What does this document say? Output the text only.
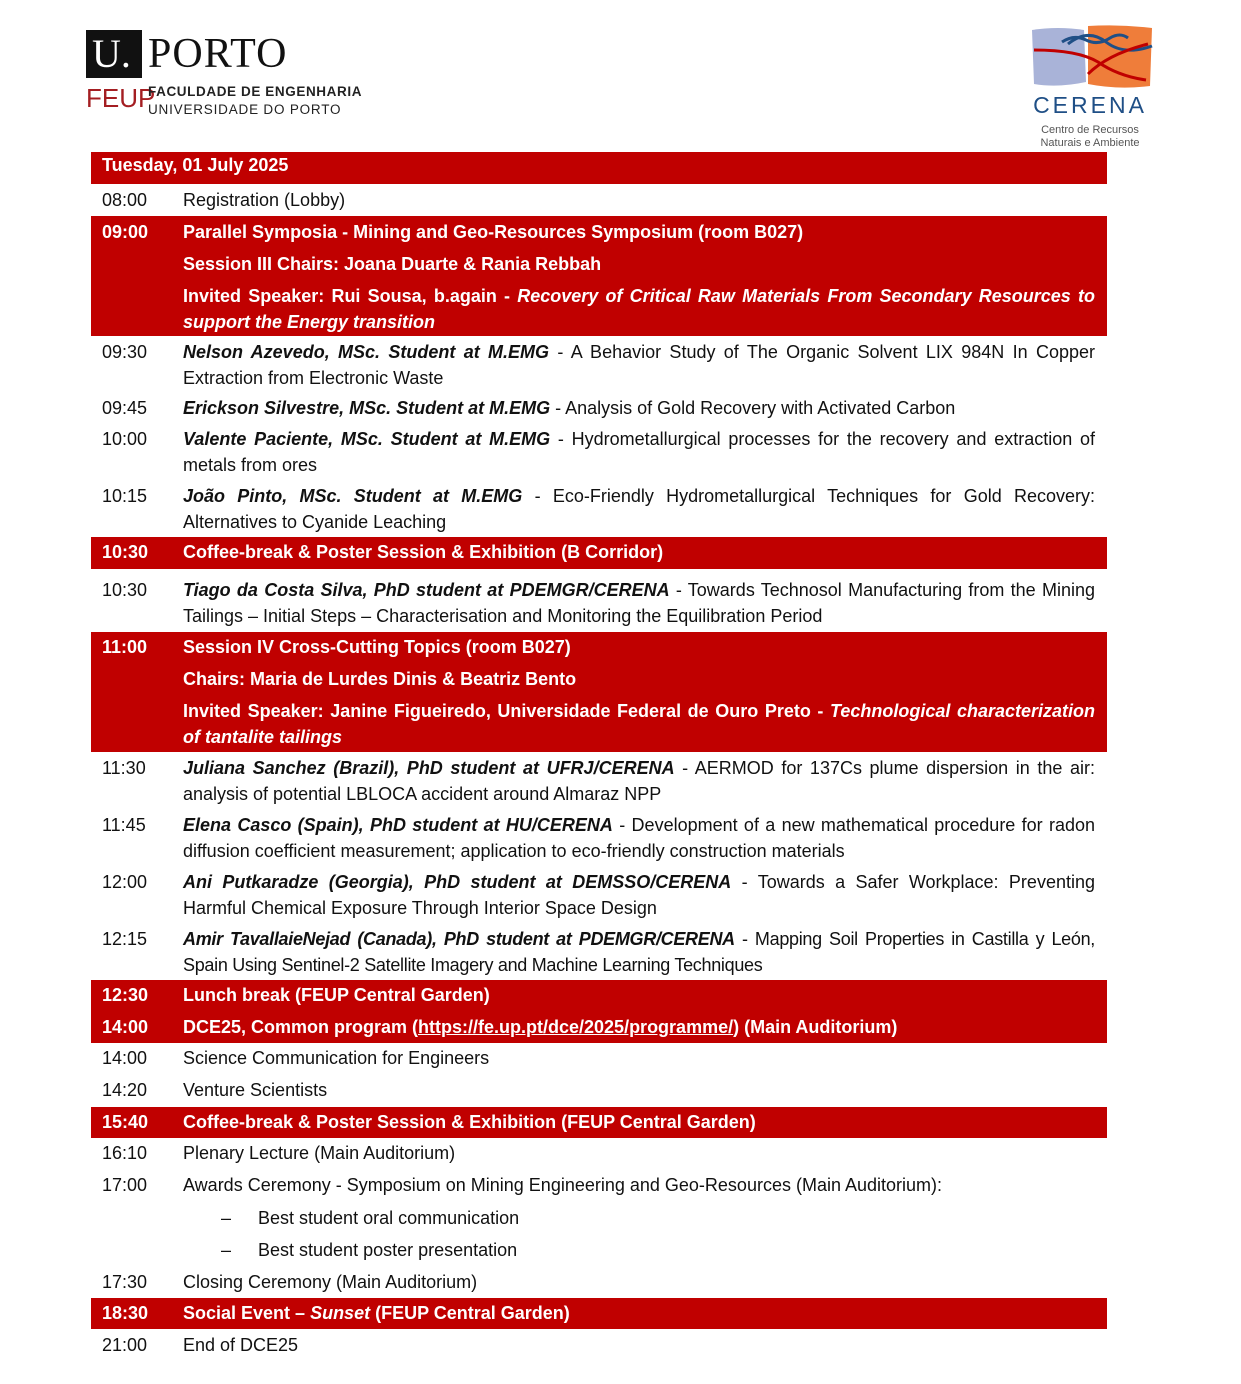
U. PORTO
FEUP
FACULDADE DE ENGENHARIA
UNIVERSIDADE DO PORTO	CERENA
Centro de Recursos
Naturais e Ambiente
Tuesday, 01 July 2025
08:00	Registration (Lobby)
09:00	Parallel Symposia - Mining and Geo-Resources Symposium (room B027)
Session III Chairs: Joana Duarte & Rania Rebbah
Invited Speaker: Rui Sousa, b.again - Recovery of Critical Raw Materials From Secondary Resources to support the Energy transition
09:30	Nelson Azevedo, MSc. Student at M.EMG - A Behavior Study of The Organic Solvent LIX 984N In Copper Extraction from Electronic Waste
09:45	Erickson Silvestre, MSc. Student at M.EMG - Analysis of Gold Recovery with Activated Carbon
10:00	Valente Paciente, MSc. Student at M.EMG - Hydrometallurgical processes for the recovery and extraction of metals from ores
10:15	João Pinto, MSc. Student at M.EMG - Eco-Friendly Hydrometallurgical Techniques for Gold Recovery: Alternatives to Cyanide Leaching
10:30	Coffee-break & Poster Session & Exhibition (B Corridor)
10:30	Tiago da Costa Silva, PhD student at PDEMGR/CERENA - Towards Technosol Manufacturing from the Mining Tailings – Initial Steps – Characterisation and Monitoring the Equilibration Period
11:00	Session IV Cross-Cutting Topics (room B027)
Chairs: Maria de Lurdes Dinis & Beatriz Bento
Invited Speaker: Janine Figueiredo, Universidade Federal de Ouro Preto - Technological characterization of tantalite tailings
11:30	Juliana Sanchez (Brazil), PhD student at UFRJ/CERENA - AERMOD for 137Cs plume dispersion in the air: analysis of potential LBLOCA accident around Almaraz NPP
11:45	Elena Casco (Spain), PhD student at HU/CERENA - Development of a new mathematical procedure for radon diffusion coefficient measurement; application to eco-friendly construction materials
12:00	Ani Putkaradze (Georgia), PhD student at DEMSSO/CERENA - Towards a Safer Workplace: Preventing Harmful Chemical Exposure Through Interior Space Design
12:15	Amir TavallaieNejad (Canada), PhD student at PDEMGR/CERENA - Mapping Soil Properties in Castilla y León, Spain Using Sentinel-2 Satellite Imagery and Machine Learning Techniques
12:30	Lunch break (FEUP Central Garden)
14:00	DCE25, Common program (https://fe.up.pt/dce/2025/programme/) (Main Auditorium)
14:00	Science Communication for Engineers
14:20	Venture Scientists
15:40	Coffee-break & Poster Session & Exhibition (FEUP Central Garden)
16:10	Plenary Lecture (Main Auditorium)
17:00	Awards Ceremony - Symposium on Mining Engineering and Geo-Resources (Main Auditorium):
– Best student oral communication
– Best student poster presentation
17:30	Closing Ceremony (Main Auditorium)
18:30	Social Event – Sunset (FEUP Central Garden)
21:00	End of DCE25
